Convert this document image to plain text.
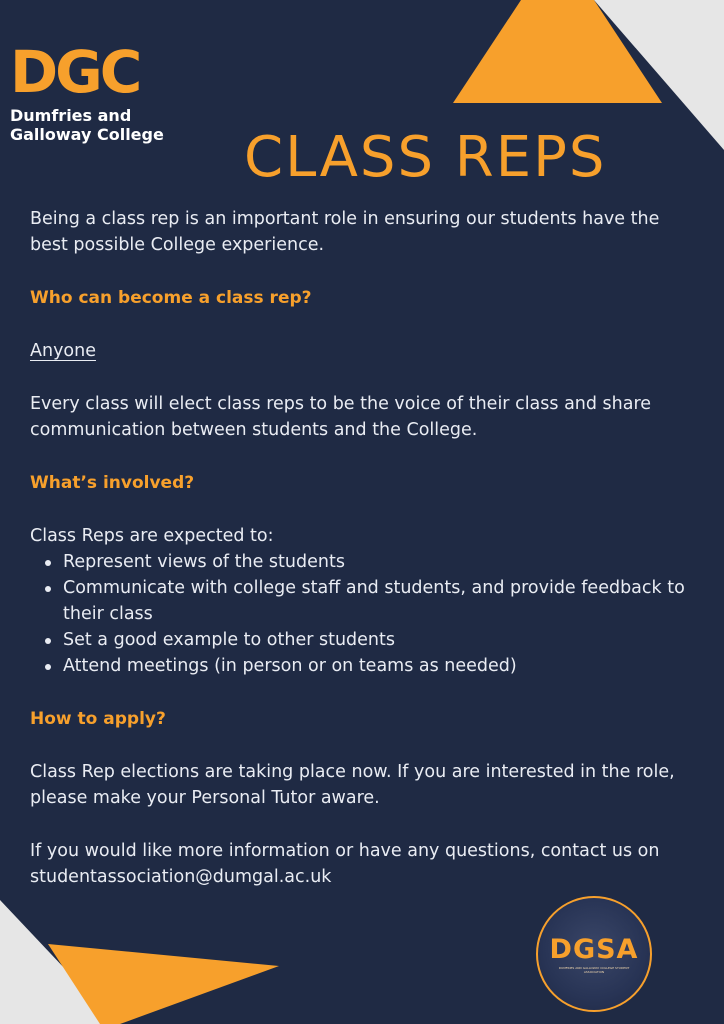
DGC
Dumfries and
Galloway College CLASS REPS

Being a class rep is an important role in ensuring our students have the best possible College experience.

Who can become a class rep?

Anyone

Every class will elect class reps to be the voice of their class and share communication between students and the College.

What’s involved?

Class Reps are expected to:

Represent views of the students
Communicate with college staff and students, and provide feedback to their class
Set a good example to other students
Attend meetings (in person or on teams as needed)

How to apply?

Class Rep elections are taking place now. If you are interested in the role, please make your Personal Tutor aware.

If you would like more information or have any questions, contact us on studentassociation@dumgal.ac.uk

DGSA
DUMFRIES AND GALLOWAY COLLEGE STUDENT ASSOCIATION
